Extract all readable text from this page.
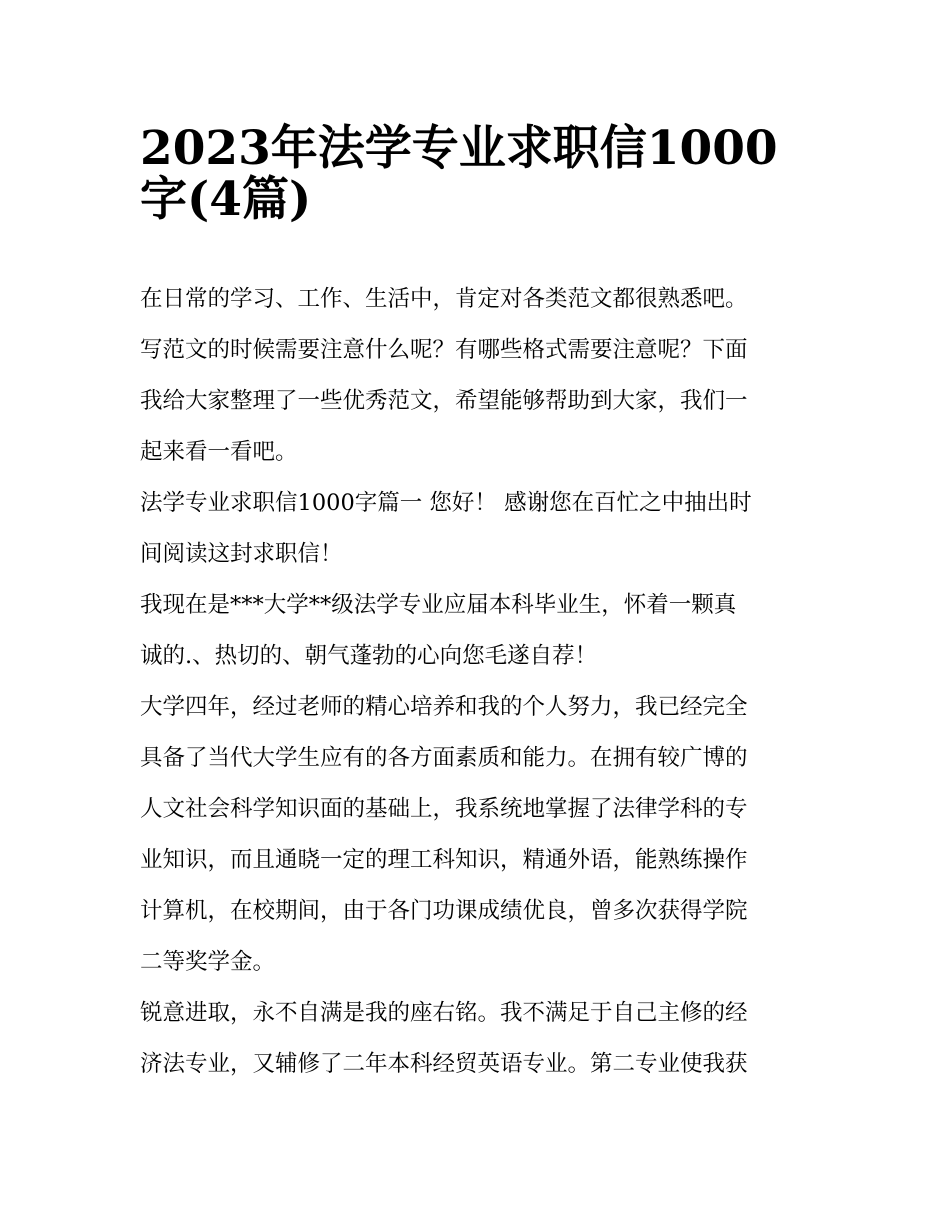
2023年法学专业求职信1000
字(4篇)
在日常的学习、工作、生活中，肯定对各类范文都很熟悉吧。
写范文的时候需要注意什么呢？有哪些格式需要注意呢？下面
我给大家整理了一些优秀范文，希望能够帮助到大家，我们一
起来看一看吧。
法学专业求职信1000字篇一 您好！ 感谢您在百忙之中抽出时
间阅读这封求职信！
我现在是***大学**级法学专业应届本科毕业生，怀着一颗真
诚的.、热切的、朝气蓬勃的心向您毛遂自荐！
大学四年，经过老师的精心培养和我的个人努力，我已经完全
具备了当代大学生应有的各方面素质和能力。在拥有较广博的
人文社会科学知识面的基础上，我系统地掌握了法律学科的专
业知识，而且通晓一定的理工科知识，精通外语，能熟练操作
计算机，在校期间，由于各门功课成绩优良，曾多次获得学院
二等奖学金。
锐意进取，永不自满是我的座右铭。我不满足于自己主修的经
济法专业，又辅修了二年本科经贸英语专业。第二专业使我获
